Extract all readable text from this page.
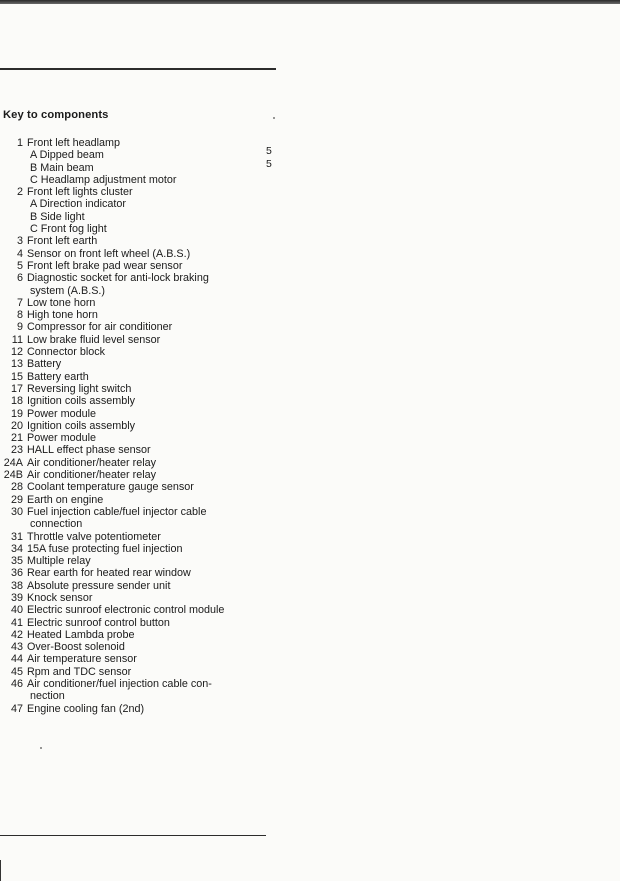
Key to components
5
5
1 Front left headlamp
A Dipped beam
B Main beam
C Headlamp adjustment motor
2 Front left lights cluster
A Direction indicator
B Side light
C Front fog light
3 Front left earth
4 Sensor on front left wheel (A.B.S.)
5 Front left brake pad wear sensor
6 Diagnostic socket for anti-lock braking
system (A.B.S.)
7 Low tone horn
8 High tone horn
9 Compressor for air conditioner
11 Low brake fluid level sensor
12 Connector block
13 Battery
15 Battery earth
17 Reversing light switch
18 Ignition coils assembly
19 Power module
20 Ignition coils assembly
21 Power module
23 HALL effect phase sensor
24A Air conditioner/heater relay
24B Air conditioner/heater relay
28 Coolant temperature gauge sensor
29 Earth on engine
30 Fuel injection cable/fuel injector cable
connection
31 Throttle valve potentiometer
34 15A fuse protecting fuel injection
35 Multiple relay
36 Rear earth for heated rear window
38 Absolute pressure sender unit
39 Knock sensor
40 Electric sunroof electronic control module
41 Electric sunroof control button
42 Heated Lambda probe
43 Over-Boost solenoid
44 Air temperature sensor
45 Rpm and TDC sensor
46 Air conditioner/fuel injection cable con-
nection
47 Engine cooling fan (2nd)
